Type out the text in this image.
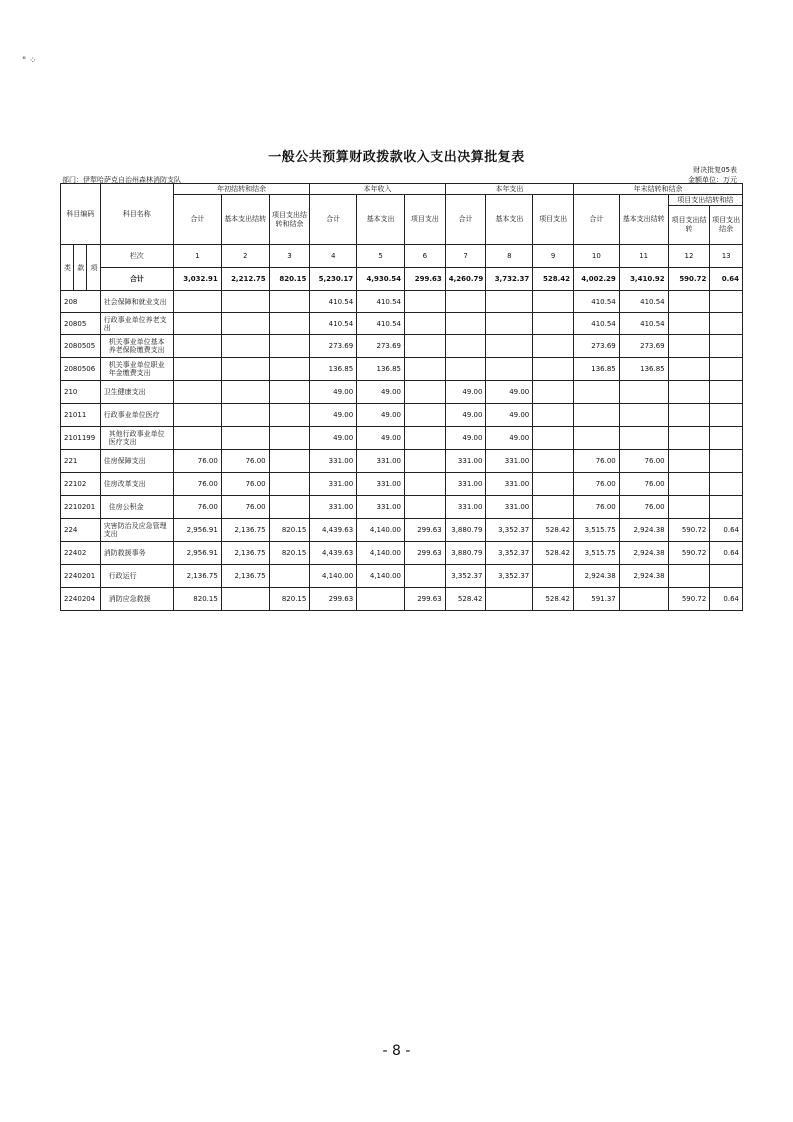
" ⁘
一般公共预算财政拨款收入支出决算批复表
财决批复05表
金额单位：万元
部门：伊犁哈萨克自治州森林消防支队
科目编码			科目名称	年初结转和结余			本年收入			本年支出			年末结转和结余			
				合计	基本支出结转	项目支出结转和结余	合计	基本支出	项目支出	合计	基本支出	项目支出	合计	基本支出结转	项目支出结转和结	
															项目支出结转	项目支出结余
类	款	项	栏次	1	2	3	4	5	6	7	8	9	10	11	12	13
			合计	3,032.91	2,212.75	820.15	5,230.17	4,930.54	299.63	4,260.79	3,732.37	528.42	4,002.29	3,410.92	590.72	0.64
208			社会保障和就业支出				410.54	410.54					410.54	410.54		
20805			行政事业单位养老支出				410.54	410.54					410.54	410.54		
2080505			机关事业单位基本养老保险缴费支出				273.69	273.69					273.69	273.69		
2080506			机关事业单位职业年金缴费支出				136.85	136.85					136.85	136.85		
210			卫生健康支出				49.00	49.00		49.00	49.00					
21011			行政事业单位医疗				49.00	49.00		49.00	49.00					
2101199			其他行政事业单位医疗支出				49.00	49.00		49.00	49.00					
221			住房保障支出	76.00	76.00		331.00	331.00		331.00	331.00		76.00	76.00		
22102			住房改革支出	76.00	76.00		331.00	331.00		331.00	331.00		76.00	76.00		
2210201			住房公积金	76.00	76.00		331.00	331.00		331.00	331.00		76.00	76.00		
224			灾害防治及应急管理支出	2,956.91	2,136.75	820.15	4,439.63	4,140.00	299.63	3,880.79	3,352.37	528.42	3,515.75	2,924.38	590.72	0.64
22402			消防救援事务	2,956.91	2,136.75	820.15	4,439.63	4,140.00	299.63	3,880.79	3,352.37	528.42	3,515.75	2,924.38	590.72	0.64
2240201			行政运行	2,136.75	2,136.75		4,140.00	4,140.00		3,352.37	3,352.37		2,924.38	2,924.38		
2240204			消防应急救援	820.15		820.15	299.63		299.63	528.42		528.42	591.37		590.72	0.64
- 8 -
